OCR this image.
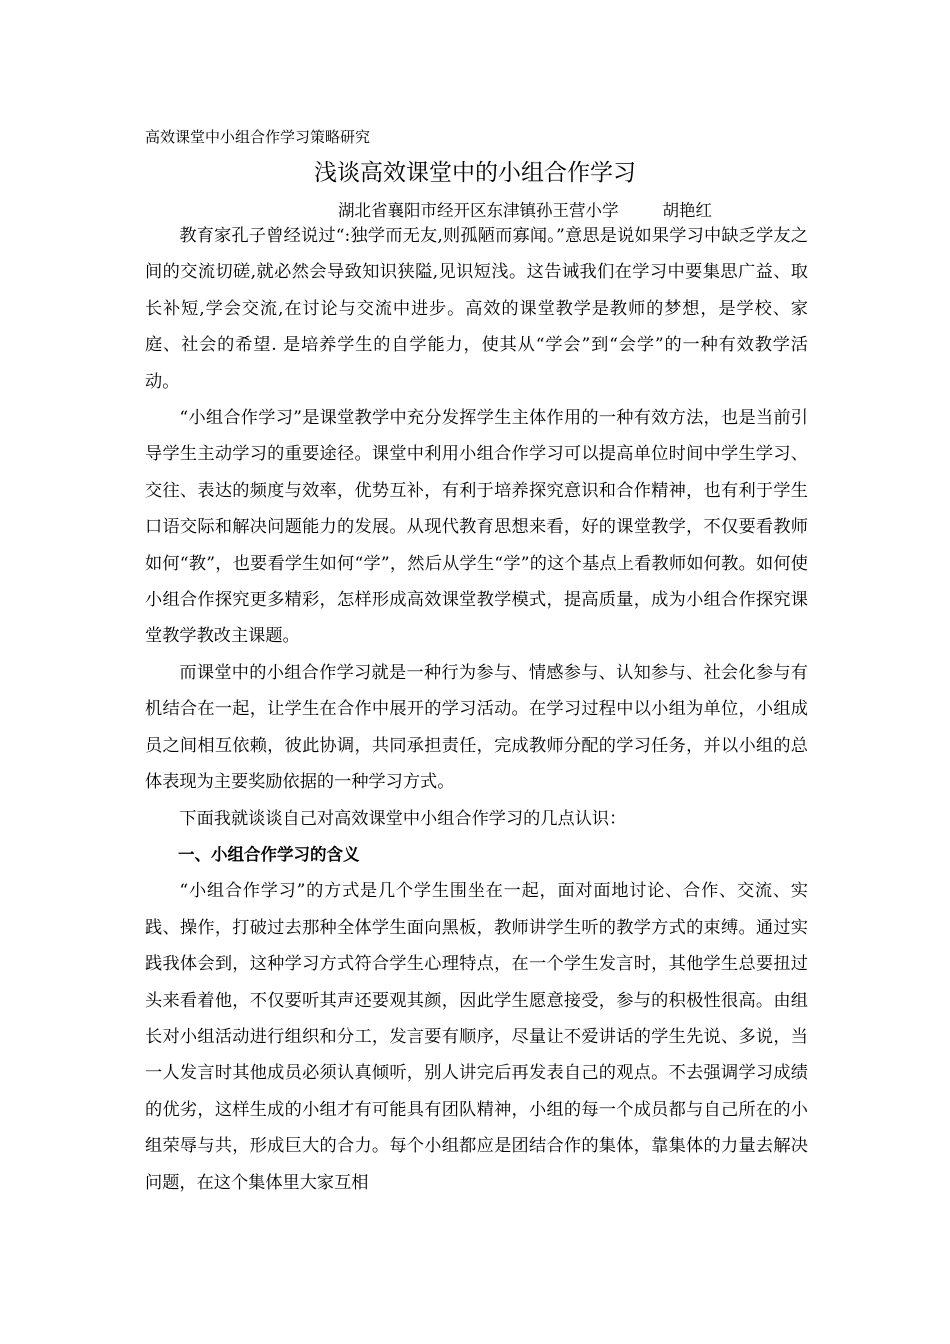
高效课堂中小组合作学习策略研究
浅谈高效课堂中的小组合作学习
湖北省襄阳市经开区东津镇孙王营小学	胡艳红

教育家孔子曾经说过“:独学而无友,则孤陋而寡闻。”意思是说如果学习中缺乏学友之间的交流切磋,就必然会导致知识狭隘,见识短浅。这告诫我们在学习中要集思广益、取长补短,学会交流,在讨论与交流中进步。高效的课堂教学是教师的梦想，是学校、家庭、社会的希望. 是培养学生的自学能力，使其从“学会”到“会学”的一种有效教学活动。

“小组合作学习”是课堂教学中充分发挥学生主体作用的一种有效方法，也是当前引导学生主动学习的重要途径。课堂中利用小组合作学习可以提高单位时间中学生学习、交往、表达的频度与效率，优势互补，有利于培养探究意识和合作精神，也有利于学生口语交际和解决问题能力的发展。从现代教育思想来看，好的课堂教学，不仅要看教师如何“教”，也要看学生如何“学”，然后从学生“学”的这个基点上看教师如何教。如何使小组合作探究更多精彩，怎样形成高效课堂教学模式，提高质量，成为小组合作探究课堂教学教改主课题。

而课堂中的小组合作学习就是一种行为参与、情感参与、认知参与、社会化参与有机结合在一起，让学生在合作中展开的学习活动。在学习过程中以小组为单位，小组成员之间相互依赖，彼此协调，共同承担责任，完成教师分配的学习任务，并以小组的总体表现为主要奖励依据的一种学习方式。

下面我就谈谈自己对高效课堂中小组合作学习的几点认识：

一、小组合作学习的含义

“小组合作学习”的方式是几个学生围坐在一起，面对面地讨论、合作、交流、实践、操作，打破过去那种全体学生面向黑板，教师讲学生听的教学方式的束缚。通过实践我体会到，这种学习方式符合学生心理特点，在一个学生发言时，其他学生总要扭过头来看着他，不仅要听其声还要观其颜，因此学生愿意接受，参与的积极性很高。由组长对小组活动进行组织和分工，发言要有顺序，尽量让不爱讲话的学生先说、多说，当一人发言时其他成员必须认真倾听，别人讲完后再发表自己的观点。不去强调学习成绩的优劣，这样生成的小组才有可能具有团队精神，小组的每一个成员都与自己所在的小组荣辱与共，形成巨大的合力。每个小组都应是团结合作的集体，靠集体的力量去解决问题，在这个集体里大家互相
